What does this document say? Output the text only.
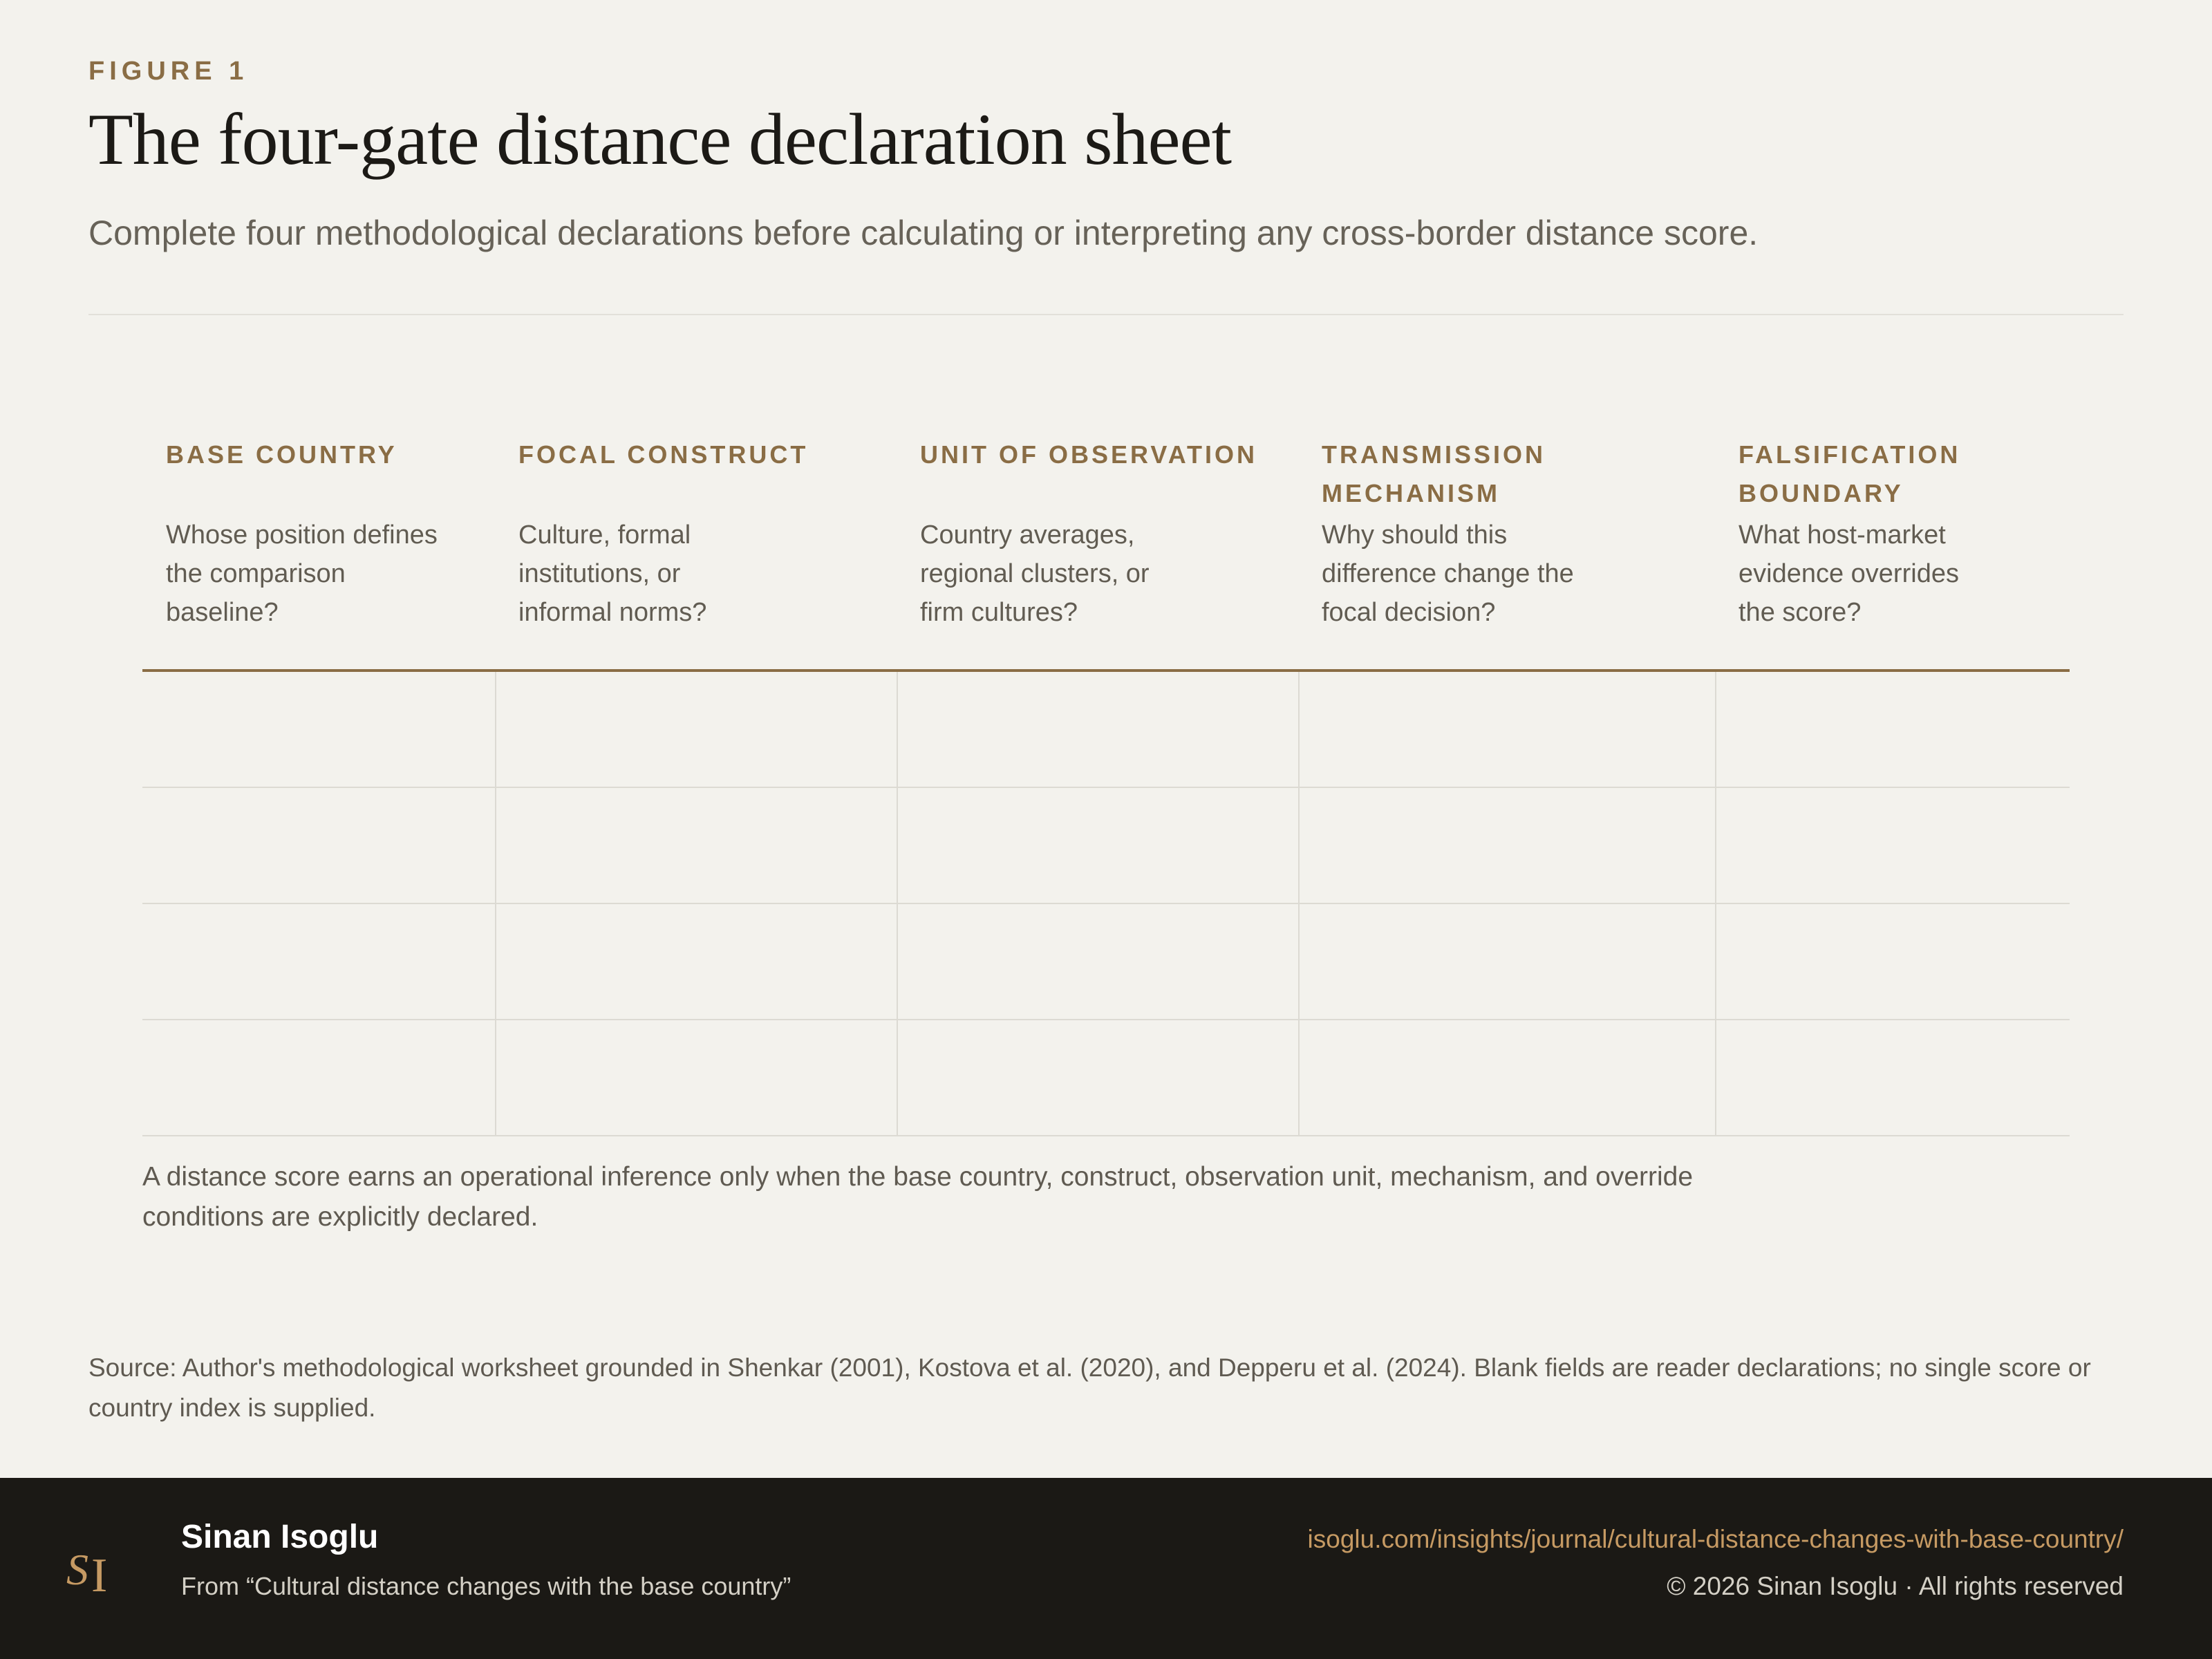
FIGURE 1
The four-gate distance declaration sheet

Complete four methodological declarations before calculating or interpreting any cross-border distance score.

BASE COUNTRY
Whose position defines the comparison baseline?
FOCAL CONSTRUCT
Culture, formal institutions, or informal norms?
UNIT OF OBSERVATION
Country averages, regional clusters, or firm cultures?
TRANSMISSION MECHANISM
Why should this difference change the focal decision?
FALSIFICATION BOUNDARY
What host-market evidence overrides the score?

A distance score earns an operational inference only when the base country, construct, observation unit, mechanism, and override conditions are explicitly declared.

Source: Author's methodological worksheet grounded in Shenkar (2001), Kostova et al. (2020), and Depperu et al. (2024). Blank fields are reader declarations; no single score or country index is supplied.

S I
Sinan Isoglu
From “Cultural distance changes with the base country”
isoglu.com/insights/journal/cultural-distance-changes-with-base-country/
© 2026 Sinan Isoglu · All rights reserved
